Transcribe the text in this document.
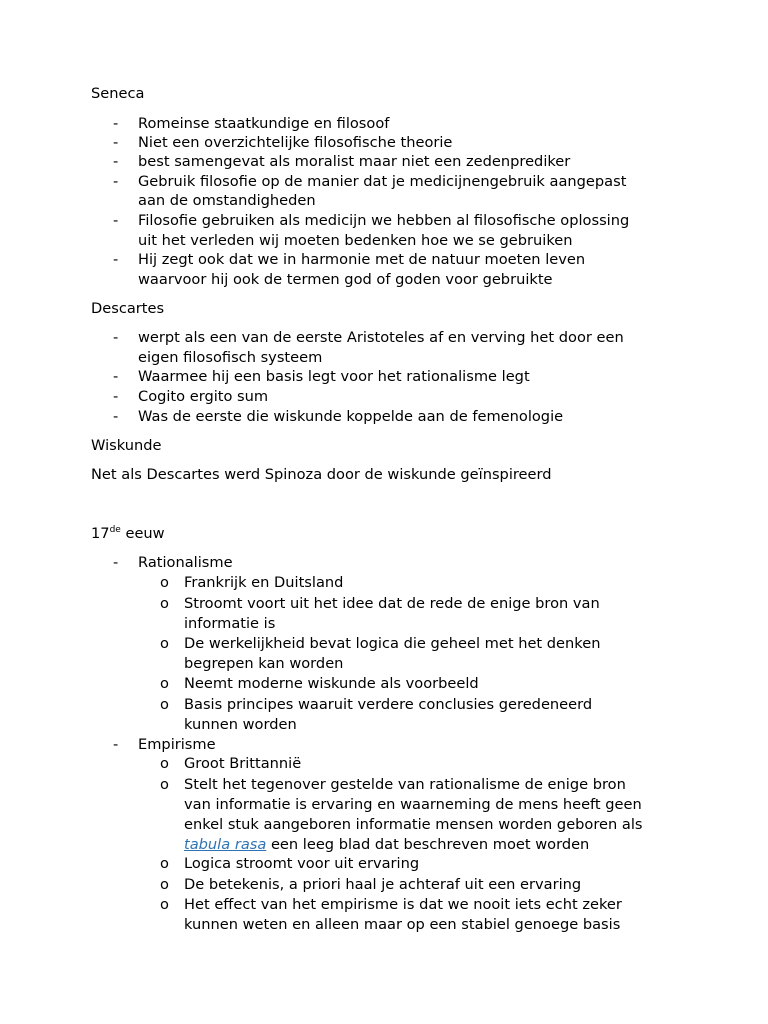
Seneca
- Romeinse staatkundige en filosoof
- Niet een overzichtelijke filosofische theorie
- best samengevat als moralist maar niet een zedenprediker
- Gebruik filosofie op de manier dat je medicijnengebruik aangepast
aan de omstandigheden
- Filosofie gebruiken als medicijn we hebben al filosofische oplossing
uit het verleden wij moeten bedenken hoe we se gebruiken
- Hij zegt ook dat we in harmonie met de natuur moeten leven
waarvoor hij ook de termen god of goden voor gebruikte
Descartes
- werpt als een van de eerste Aristoteles af en verving het door een
eigen filosofisch systeem
- Waarmee hij een basis legt voor het rationalisme legt
- Cogito ergito sum
- Was de eerste die wiskunde koppelde aan de femenologie
Wiskunde
Net als Descartes werd Spinoza door de wiskunde geïnspireerd
17de eeuw
- Rationalisme
o Frankrijk en Duitsland
o Stroomt voort uit het idee dat de rede de enige bron van
informatie is
o De werkelijkheid bevat logica die geheel met het denken
begrepen kan worden
o Neemt moderne wiskunde als voorbeeld
o Basis principes waaruit verdere conclusies geredeneerd
kunnen worden
- Empirisme
o Groot Brittannië
o Stelt het tegenover gestelde van rationalisme de enige bron
van informatie is ervaring en waarneming de mens heeft geen
enkel stuk aangeboren informatie mensen worden geboren als
tabula rasa een leeg blad dat beschreven moet worden
o Logica stroomt voor uit ervaring
o De betekenis, a priori haal je achteraf uit een ervaring
o Het effect van het empirisme is dat we nooit iets echt zeker
kunnen weten en alleen maar op een stabiel genoege basis
